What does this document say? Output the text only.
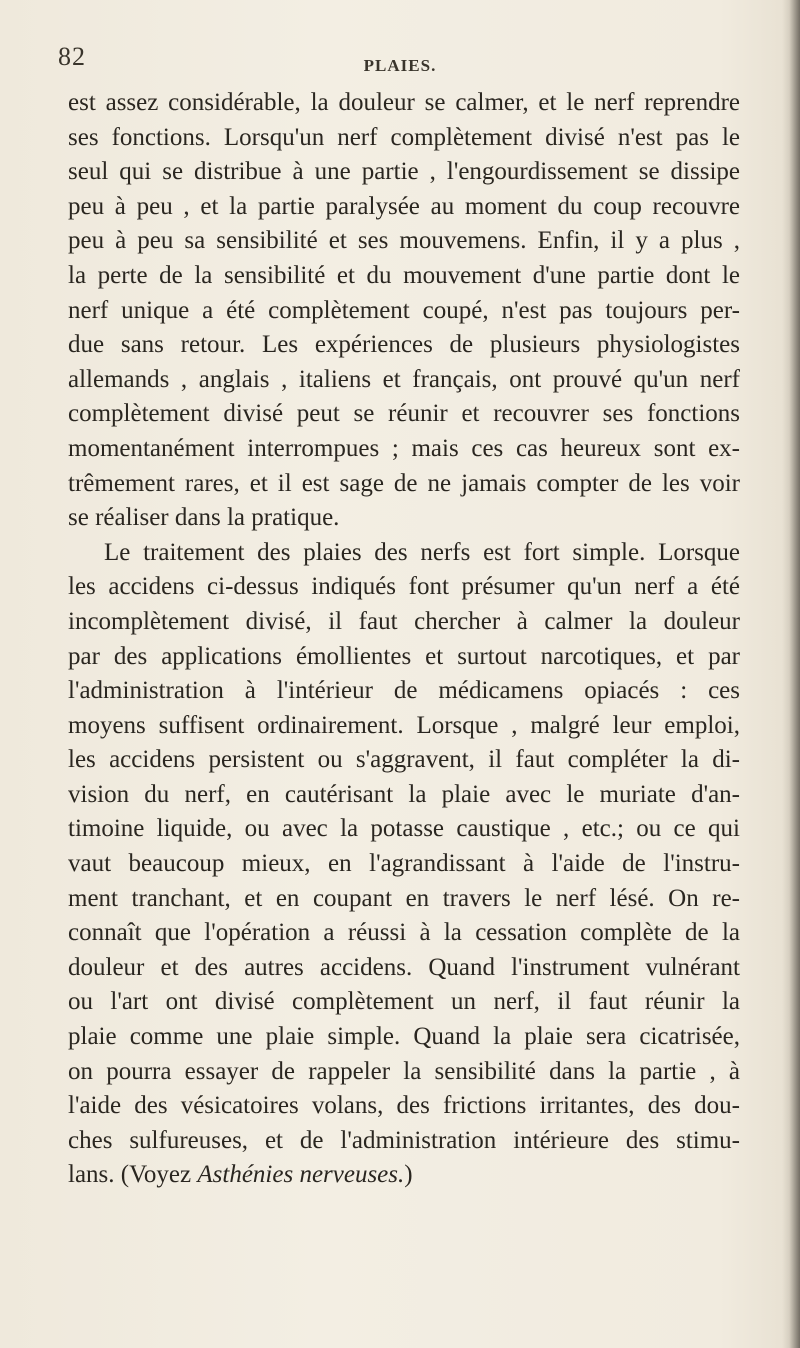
82	PLAIES.
est assez considérable, la douleur se calmer, et le nerf reprendre
ses fonctions. Lorsqu'un nerf complètement divisé n'est pas le
seul qui se distribue à une partie , l'engourdissement se dissipe
peu à peu , et la partie paralysée au moment du coup recouvre
peu à peu sa sensibilité et ses mouvemens. Enfin, il y a plus ,
la perte de la sensibilité et du mouvement d'une partie dont le
nerf unique a été complètement coupé, n'est pas toujours per-
due sans retour. Les expériences de plusieurs physiologistes
allemands , anglais , italiens et français, ont prouvé qu'un nerf
complètement divisé peut se réunir et recouvrer ses fonctions
momentanément interrompues ; mais ces cas heureux sont ex-
trêmement rares, et il est sage de ne jamais compter de les voir
se réaliser dans la pratique.
Le traitement des plaies des nerfs est fort simple. Lorsque
les accidens ci-dessus indiqués font présumer qu'un nerf a été
incomplètement divisé, il faut chercher à calmer la douleur
par des applications émollientes et surtout narcotiques, et par
l'administration à l'intérieur de médicamens opiacés : ces
moyens suffisent ordinairement. Lorsque , malgré leur emploi,
les accidens persistent ou s'aggravent, il faut compléter la di-
vision du nerf, en cautérisant la plaie avec le muriate d'an-
timoine liquide, ou avec la potasse caustique , etc.; ou ce qui
vaut beaucoup mieux, en l'agrandissant à l'aide de l'instru-
ment tranchant, et en coupant en travers le nerf lésé. On re-
connaît que l'opération a réussi à la cessation complète de la
douleur et des autres accidens. Quand l'instrument vulnérant
ou l'art ont divisé complètement un nerf, il faut réunir la
plaie comme une plaie simple. Quand la plaie sera cicatrisée,
on pourra essayer de rappeler la sensibilité dans la partie , à
l'aide des vésicatoires volans, des frictions irritantes, des dou-
ches sulfureuses, et de l'administration intérieure des stimu-
lans. (Voyez Asthénies nerveuses.)
